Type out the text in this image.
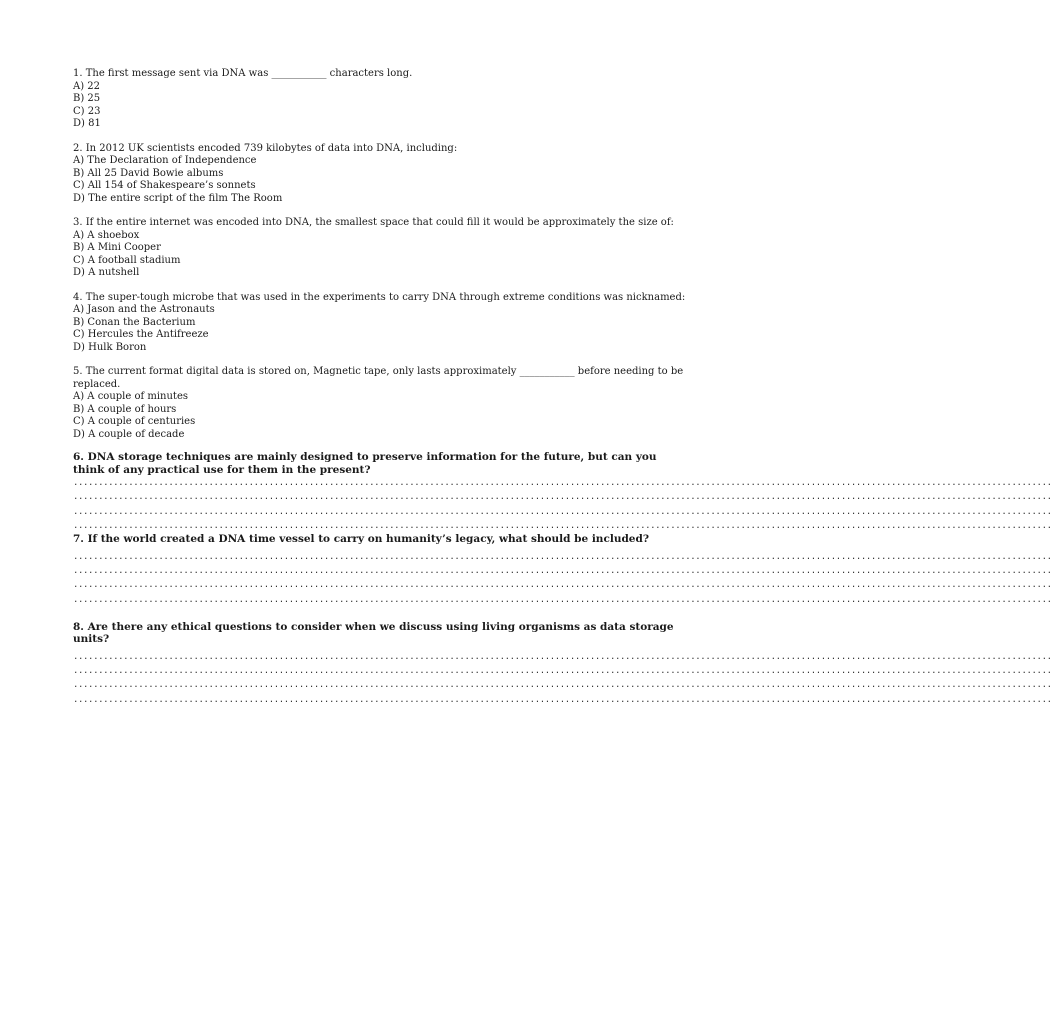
1. The first message sent via DNA was ___________ characters long.
A) 22
B) 25
C) 23
D) 81
2. In 2012 UK scientists encoded 739 kilobytes of data into DNA, including:
A) The Declaration of Independence
B) All 25 David Bowie albums
C) All 154 of Shakespeare’s sonnets
D) The entire script of the film The Room
3. If the entire internet was encoded into DNA, the smallest space that could fill it would be approximately the size of:
A) A shoebox
B) A Mini Cooper
C) A football stadium
D) A nutshell
4. The super-tough microbe that was used in the experiments to carry DNA through extreme conditions was nicknamed:
A) Jason and the Astronauts
B) Conan the Bacterium
C) Hercules the Antifreeze
D) Hulk Boron
5. The current format digital data is stored on, Magnetic tape, only lasts approximately ___________ before needing to be replaced.
A) A couple of minutes
B) A couple of hours
C) A couple of centuries
D) A couple of decade
6. DNA storage techniques are mainly designed to preserve information for the future, but can you think of any practical use for them in the present?
...................................................................................................................................................................................................
...................................................................................................................................................................................................
...................................................................................................................................................................................................
...................................................................................................................................................................................................
7. If the world created a DNA time vessel to carry on humanity’s legacy, what should be included?
...................................................................................................................................................................................................
...................................................................................................................................................................................................
...................................................................................................................................................................................................
...................................................................................................................................................................................................
8. Are there any ethical questions to consider when we discuss using living organisms as data storage units?
...................................................................................................................................................................................................
...................................................................................................................................................................................................
...................................................................................................................................................................................................
...................................................................................................................................................................................................
